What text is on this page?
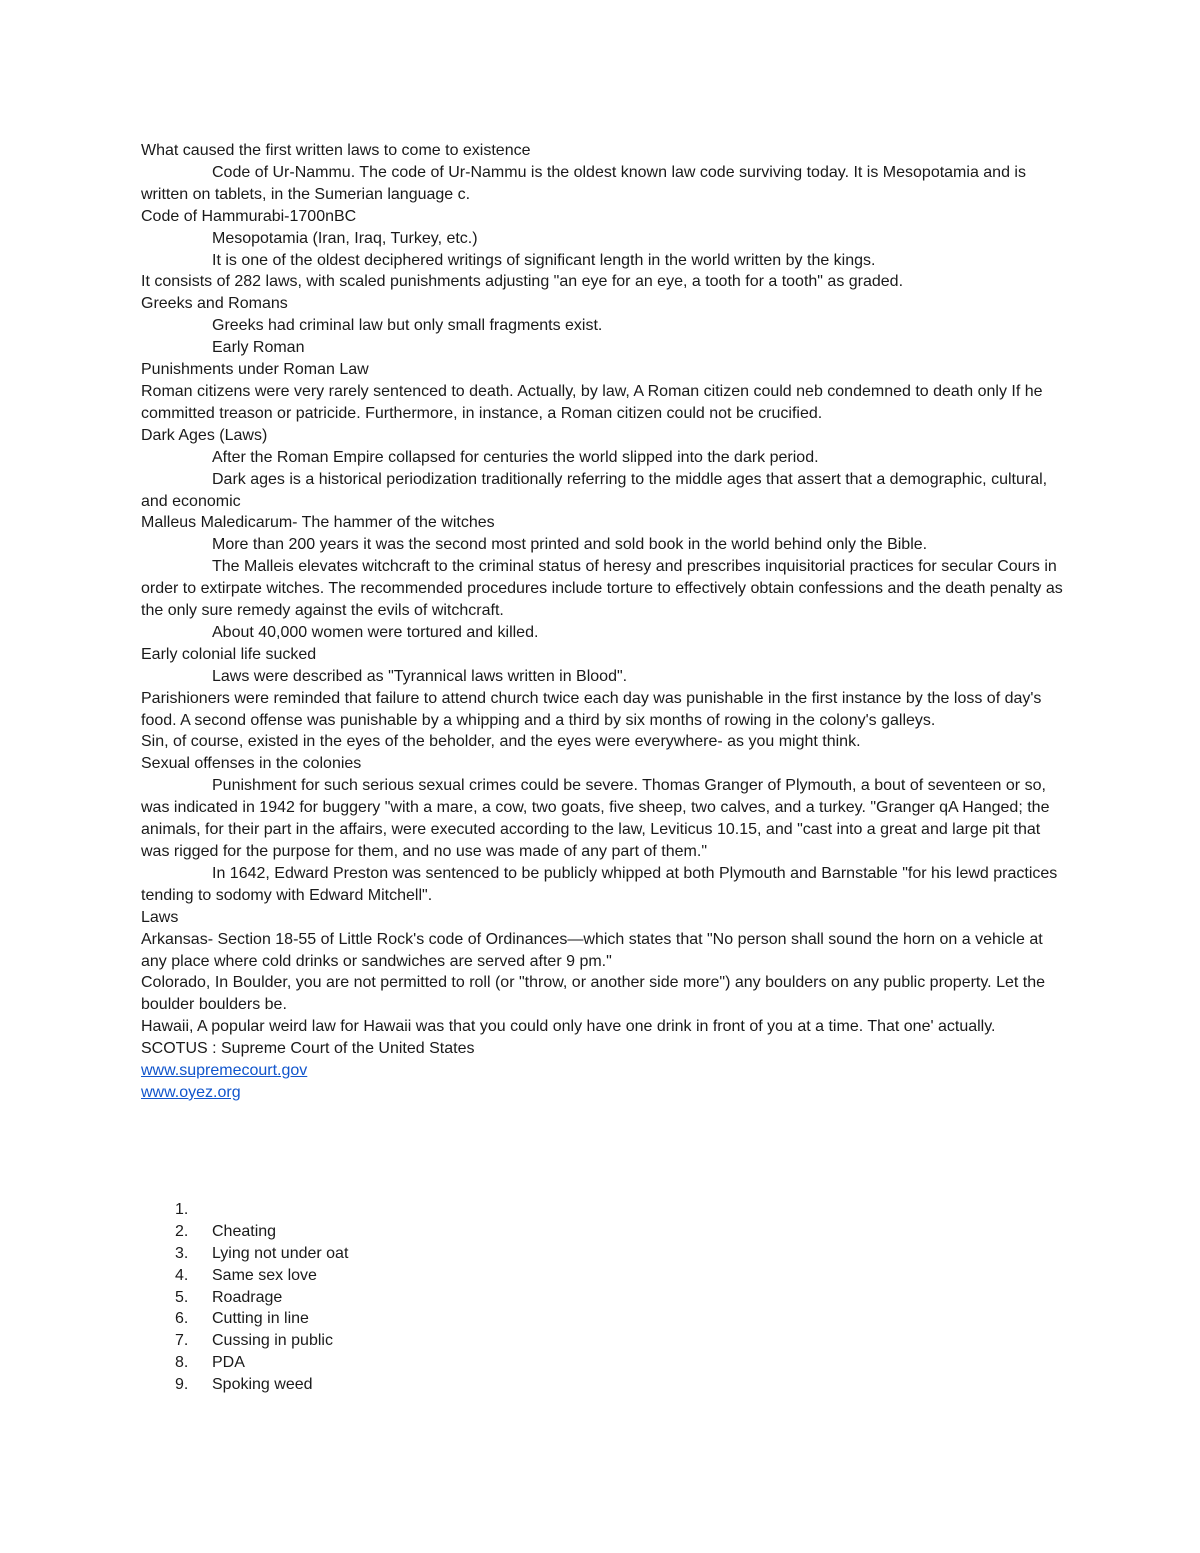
What caused the first written laws to come to existence

Code of Ur-Nammu. The code of Ur-Nammu is the oldest known law code surviving today. It is Mesopotamia and is written on tablets, in the Sumerian language c.

Code of Hammurabi-1700nBC

Mesopotamia (Iran, Iraq, Turkey, etc.)

It is one of the oldest deciphered writings of significant length in the world written by the kings.

It consists of 282 laws, with scaled punishments adjusting "an eye for an eye, a tooth for a tooth" as graded.

Greeks and Romans

Greeks had criminal law but only small fragments exist.

Early Roman

Punishments under Roman Law

Roman citizens were very rarely sentenced to death. Actually, by law, A Roman citizen could neb condemned to death only If he committed treason or patricide. Furthermore, in instance, a Roman citizen could not be crucified.

Dark Ages (Laws)

After the Roman Empire collapsed for centuries the world slipped into the dark period.

Dark ages is a historical periodization traditionally referring to the middle ages that assert that a demographic, cultural, and economic

Malleus Maledicarum- The hammer of the witches

More than 200 years it was the second most printed and sold book in the world behind only the Bible.

The Malleis elevates witchcraft to the criminal status of heresy and prescribes inquisitorial practices for secular Cours in order to extirpate witches. The recommended procedures include torture to effectively obtain confessions and the death penalty as the only sure remedy against the evils of witchcraft.

About 40,000 women were tortured and killed.

Early colonial life sucked

Laws were described as "Tyrannical laws written in Blood".

Parishioners were reminded that failure to attend church twice each day was punishable in the first instance by the loss of day's food. A second offense was punishable by a whipping and a third by six months of rowing in the colony's galleys.

Sin, of course, existed in the eyes of the beholder, and the eyes were everywhere- as you might think.

Sexual offenses in the colonies

Punishment for such serious sexual crimes could be severe. Thomas Granger of Plymouth, a bout of seventeen or so, was indicated in 1942 for buggery "with a mare, a cow, two goats, five sheep, two calves, and a turkey. "Granger qA Hanged; the animals, for their part in the affairs, were executed according to the law, Leviticus 10.15, and "cast into a great and large pit that was rigged for the purpose for them, and no use was made of any part of them."

In 1642, Edward Preston was sentenced to be publicly whipped at both Plymouth and Barnstable "for his lewd practices tending to sodomy with Edward Mitchell".

Laws

Arkansas- Section 18-55 of Little Rock's code of Ordinances—which states that "No person shall sound the horn on a vehicle at any place where cold drinks or sandwiches are served after 9 pm."

Colorado, In Boulder, you are not permitted to roll (or "throw, or another side more") any boulders on any public property. Let the boulder boulders be.

Hawaii, A popular weird law for Hawaii was that you could only have one drink in front of you at a time. That one' actually.

SCOTUS : Supreme Court of the United States

www.supremecourt.gov

www.oyez.org

1.
2. Cheating
3. Lying not under oat
4. Same sex love
5. Roadrage
6. Cutting in line
7. Cussing in public
8. PDA
9. Spoking weed
